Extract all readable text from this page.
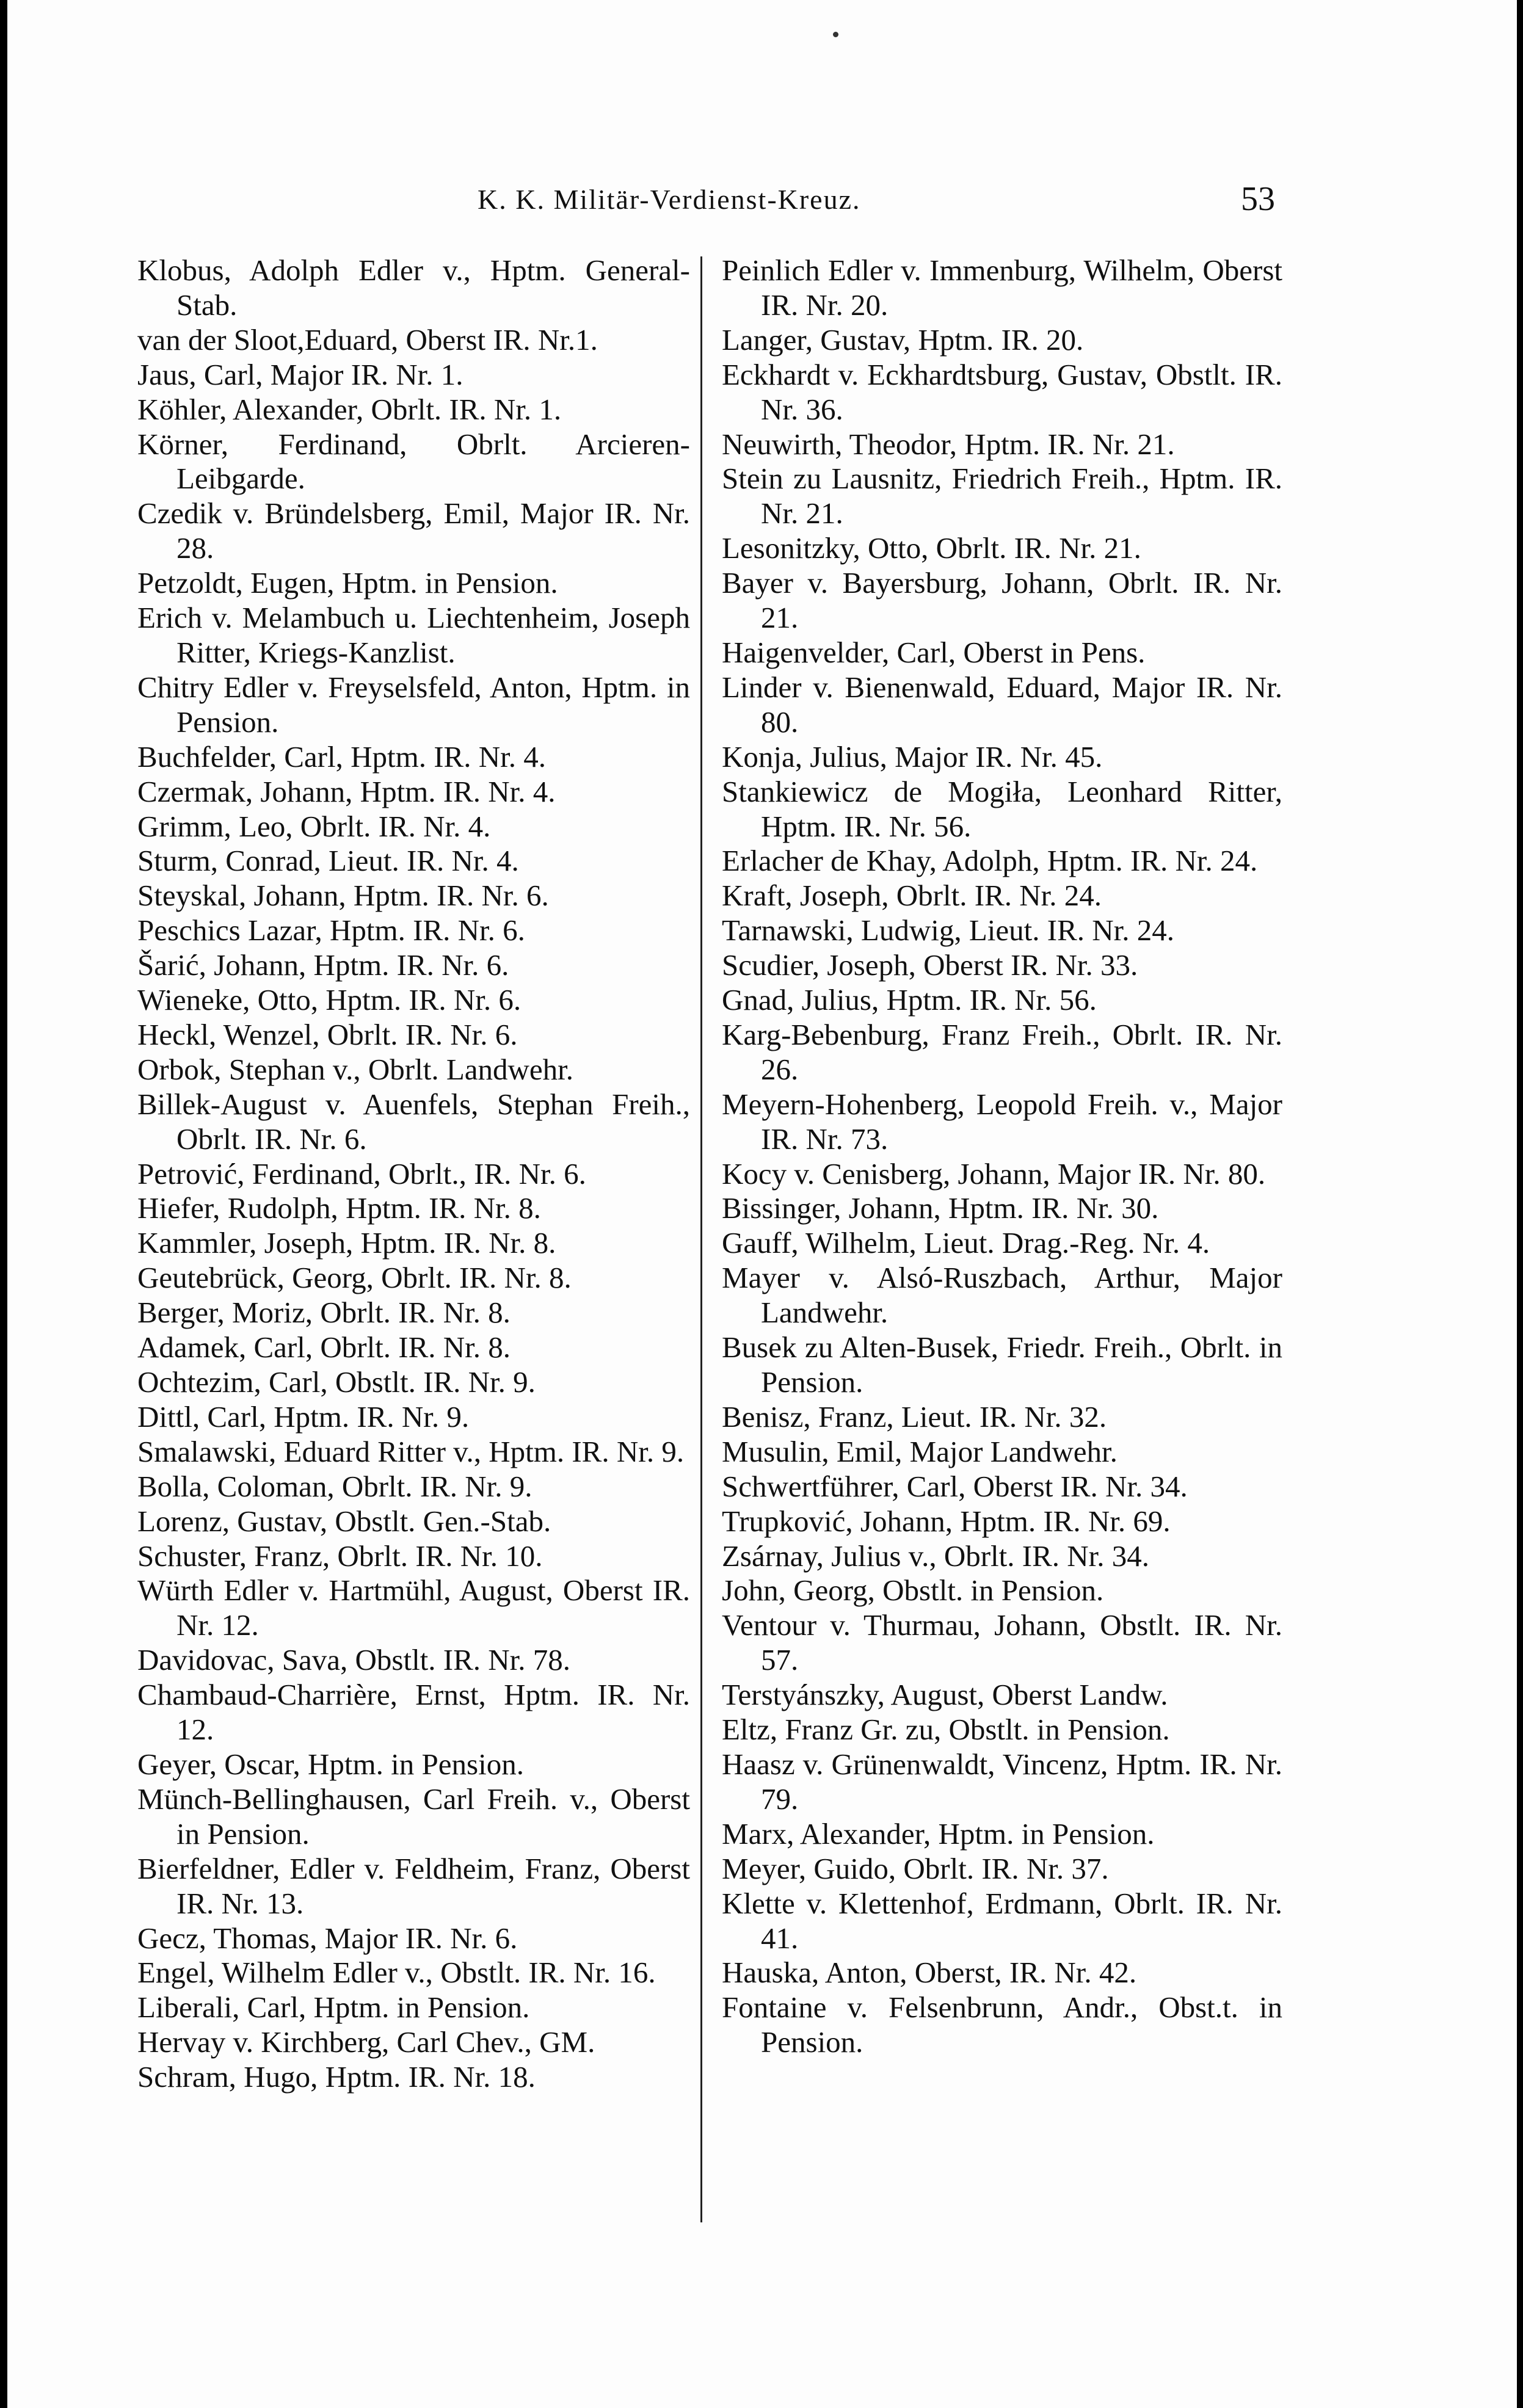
K. K. Militär-Verdienst-Kreuz.	53

Klobus, Adolph Edler v., Hptm. General-Stab.

van der Sloot,Eduard, Oberst IR. Nr.1.

Jaus, Carl, Major IR. Nr. 1.

Köhler, Alexander, Obrlt. IR. Nr. 1.

Körner, Ferdinand, Obrlt. Arcieren-Leibgarde.

Czedik v. Bründelsberg, Emil, Major IR. Nr. 28.

Petzoldt, Eugen, Hptm. in Pension.

Erich v. Melambuch u. Liechtenheim, Joseph Ritter, Kriegs-Kanzlist.

Chitry Edler v. Freyselsfeld, Anton, Hptm. in Pension.

Buchfelder, Carl, Hptm. IR. Nr. 4.

Czermak, Johann, Hptm. IR. Nr. 4.

Grimm, Leo, Obrlt. IR. Nr. 4.

Sturm, Conrad, Lieut. IR. Nr. 4.

Steyskal, Johann, Hptm. IR. Nr. 6.

Peschics Lazar, Hptm. IR. Nr. 6.

Šarić, Johann, Hptm. IR. Nr. 6.

Wieneke, Otto, Hptm. IR. Nr. 6.

Heckl, Wenzel, Obrlt. IR. Nr. 6.

Orbok, Stephan v., Obrlt. Landwehr.

Billek-August v. Auenfels, Stephan Freih., Obrlt. IR. Nr. 6.

Petrović, Ferdinand, Obrlt., IR. Nr. 6.

Hiefer, Rudolph, Hptm. IR. Nr. 8.

Kammler, Joseph, Hptm. IR. Nr. 8.

Geutebrück, Georg, Obrlt. IR. Nr. 8.

Berger, Moriz, Obrlt. IR. Nr. 8.

Adamek, Carl, Obrlt. IR. Nr. 8.

Ochtezim, Carl, Obstlt. IR. Nr. 9.

Dittl, Carl, Hptm. IR. Nr. 9.

Smalawski, Eduard Ritter v., Hptm. IR. Nr. 9.

Bolla, Coloman, Obrlt. IR. Nr. 9.

Lorenz, Gustav, Obstlt. Gen.-Stab.

Schuster, Franz, Obrlt. IR. Nr. 10.

Würth Edler v. Hartmühl, August, Oberst IR. Nr. 12.

Davidovac, Sava, Obstlt. IR. Nr. 78.

Chambaud-Charrière, Ernst, Hptm. IR. Nr. 12.

Geyer, Oscar, Hptm. in Pension.

Münch-Bellinghausen, Carl Freih. v., Oberst in Pension.

Bierfeldner, Edler v. Feldheim, Franz, Oberst IR. Nr. 13.

Gecz, Thomas, Major IR. Nr. 6.

Engel, Wilhelm Edler v., Obstlt. IR. Nr. 16.

Liberali, Carl, Hptm. in Pension.

Hervay v. Kirchberg, Carl Chev., GM.

Schram, Hugo, Hptm. IR. Nr. 18.

Peinlich Edler v. Immenburg, Wilhelm, Oberst IR. Nr. 20.

Langer, Gustav, Hptm. IR. 20.

Eckhardt v. Eckhardtsburg, Gustav, Obstlt. IR. Nr. 36.

Neuwirth, Theodor, Hptm. IR. Nr. 21.

Stein zu Lausnitz, Friedrich Freih., Hptm. IR. Nr. 21.

Lesonitzky, Otto, Obrlt. IR. Nr. 21.

Bayer v. Bayersburg, Johann, Obrlt. IR. Nr. 21.

Haigenvelder, Carl, Oberst in Pens.

Linder v. Bienenwald, Eduard, Major IR. Nr. 80.

Konja, Julius, Major IR. Nr. 45.

Stankiewicz de Mogiła, Leonhard Ritter, Hptm. IR. Nr. 56.

Erlacher de Khay, Adolph, Hptm. IR. Nr. 24.

Kraft, Joseph, Obrlt. IR. Nr. 24.

Tarnawski, Ludwig, Lieut. IR. Nr. 24.

Scudier, Joseph, Oberst IR. Nr. 33.

Gnad, Julius, Hptm. IR. Nr. 56.

Karg-Bebenburg, Franz Freih., Obrlt. IR. Nr. 26.

Meyern-Hohenberg, Leopold Freih. v., Major IR. Nr. 73.

Kocy v. Cenisberg, Johann, Major IR. Nr. 80.

Bissinger, Johann, Hptm. IR. Nr. 30.

Gauff, Wilhelm, Lieut. Drag.-Reg. Nr. 4.

Mayer v. Alsó-Ruszbach, Arthur, Major Landwehr.

Busek zu Alten-Busek, Friedr. Freih., Obrlt. in Pension.

Benisz, Franz, Lieut. IR. Nr. 32.

Musulin, Emil, Major Landwehr.

Schwertführer, Carl, Oberst IR. Nr. 34.

Trupković, Johann, Hptm. IR. Nr. 69.

Zsárnay, Julius v., Obrlt. IR. Nr. 34.

John, Georg, Obstlt. in Pension.

Ventour v. Thurmau, Johann, Obstlt. IR. Nr. 57.

Terstyánszky, August, Oberst Landw.

Eltz, Franz Gr. zu, Obstlt. in Pension.

Haasz v. Grünenwaldt, Vincenz, Hptm. IR. Nr. 79.

Marx, Alexander, Hptm. in Pension.

Meyer, Guido, Obrlt. IR. Nr. 37.

Klette v. Klettenhof, Erdmann, Obrlt. IR. Nr. 41.

Hauska, Anton, Oberst, IR. Nr. 42.

Fontaine v. Felsenbrunn, Andr., Obst.t. in Pension.
